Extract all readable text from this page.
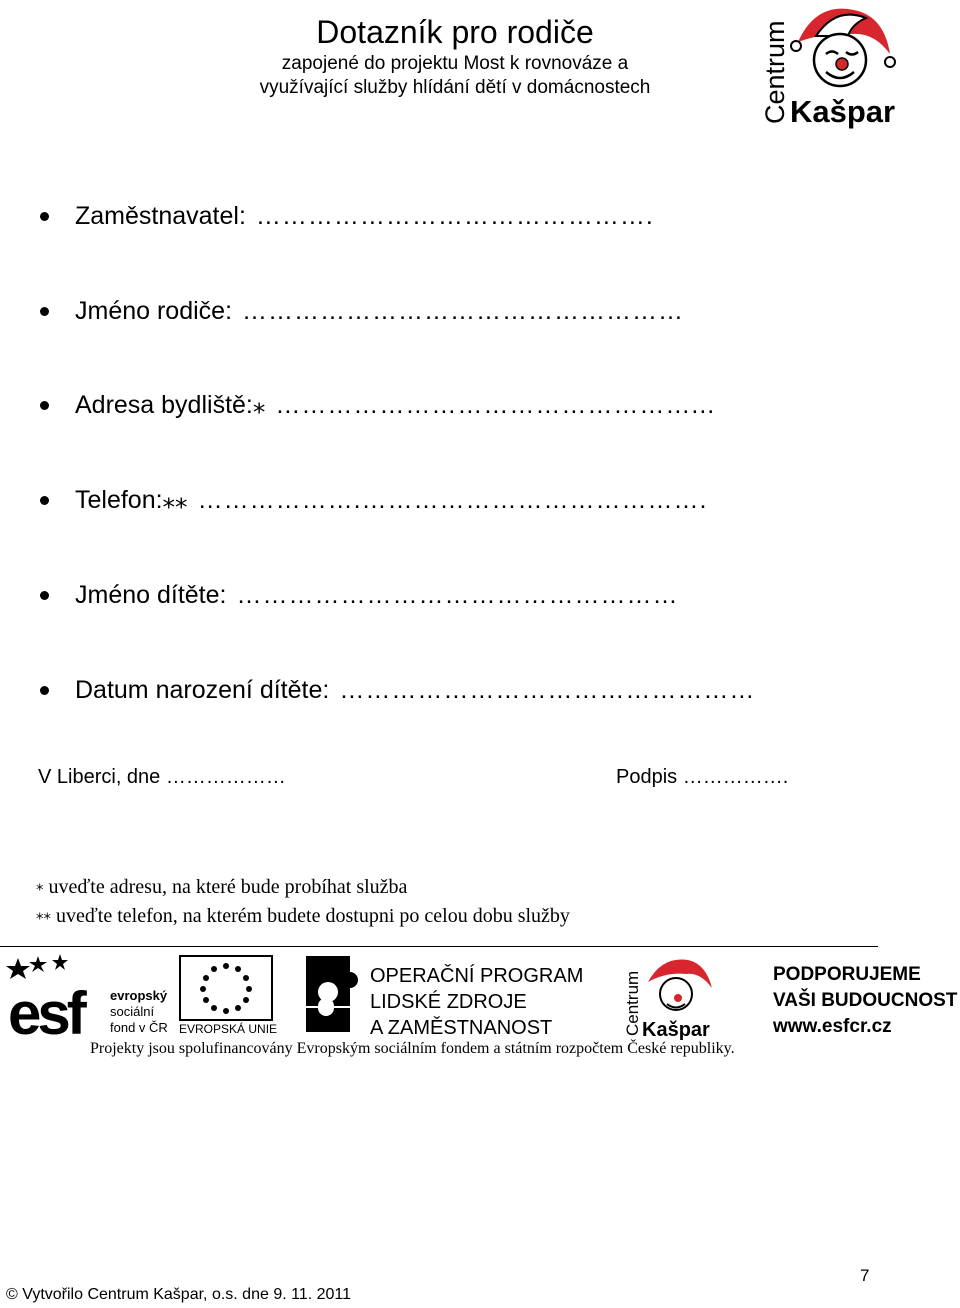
Dotazník pro rodiče
zapojené do projektu Most k rovnováze a
využívající služby hlídání dětí v domácnostech	Centrum Kašpar
Zaměstnavatel: ……………………………………….
Jméno rodiče: ……………………………………………
Adresa bydliště:⁎ …………………………………………...
Telefon:⁎⁎ ……………….………………………………….
Jméno dítěte: ……………………………………………
Datum narození dítěte: …………………………………………
V Liberci, dne ………………	Podpis …………….
⁎ uveďte adresu, na které bude probíhat služba
⁎⁎ uveďte telefon, na kterém budete dostupni po celou dobu služby
esf	evropský
sociální
fond v ČR EVROPSKÁ UNIE
OPERAČNÍ PROGRAM
LIDSKÉ ZDROJE
A ZAMĚSTNANOST	Centrum Kašpar
PODPORUJEME
VAŠI BUDOUCNOST
www.esfcr.cz
Projekty jsou spolufinancovány Evropským sociálním fondem a státním rozpočtem České republiky.
7
© Vytvořilo Centrum Kašpar, o.s. dne 9. 11. 2011
